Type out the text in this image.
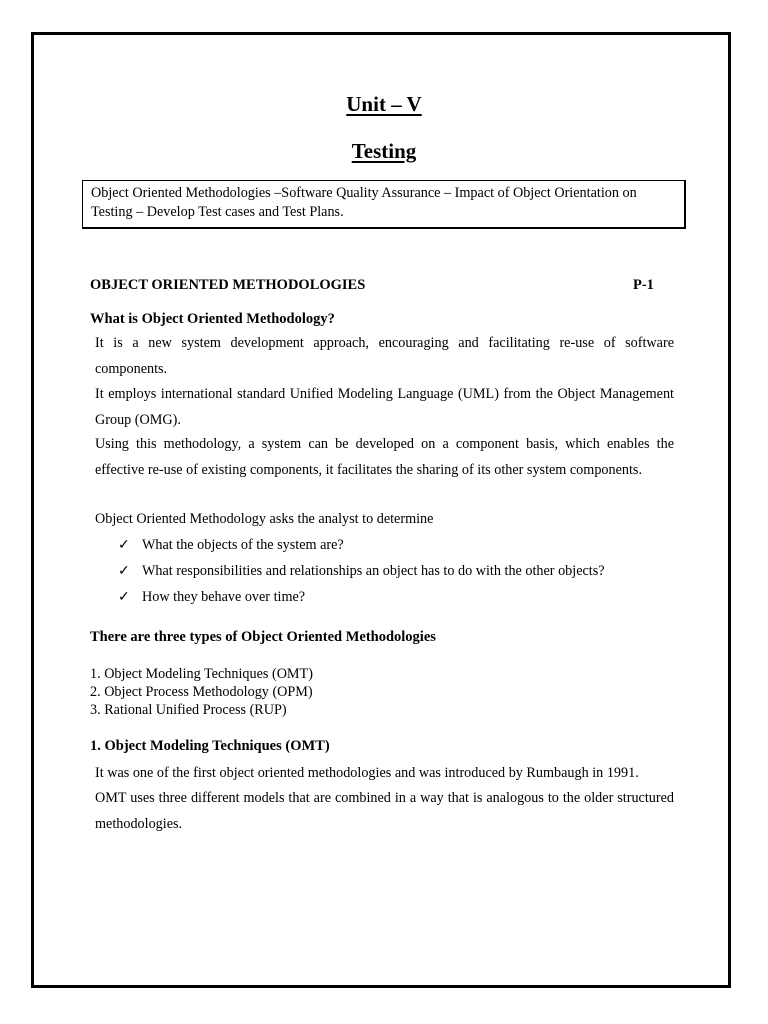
Unit – V
Testing
Object Oriented Methodologies –Software Quality Assurance – Impact of Object Orientation on Testing – Develop Test cases and Test Plans.
OBJECT ORIENTED METHODOLOGIES	P-1
What is Object Oriented Methodology?

It is a new system development approach, encouraging and facilitating re-use of software components.

It employs international standard Unified Modeling Language (UML) from the Object Management Group (OMG).

Using this methodology, a system can be developed on a component basis, which enables the effective re-use of existing components, it facilitates the sharing of its other system components.

Object Oriented Methodology asks the analyst to determine

✓ What the objects of the system are?
✓ What responsibilities and relationships an object has to do with the other objects?
✓ How they behave over time?
There are three types of Object Oriented Methodologies
1. Object Modeling Techniques (OMT)
2. Object Process Methodology (OPM)
3. Rational Unified Process (RUP)
1. Object Modeling Techniques (OMT)

It was one of the first object oriented methodologies and was introduced by Rumbaugh in 1991.

OMT uses three different models that are combined in a way that is analogous to the older structured methodologies.
